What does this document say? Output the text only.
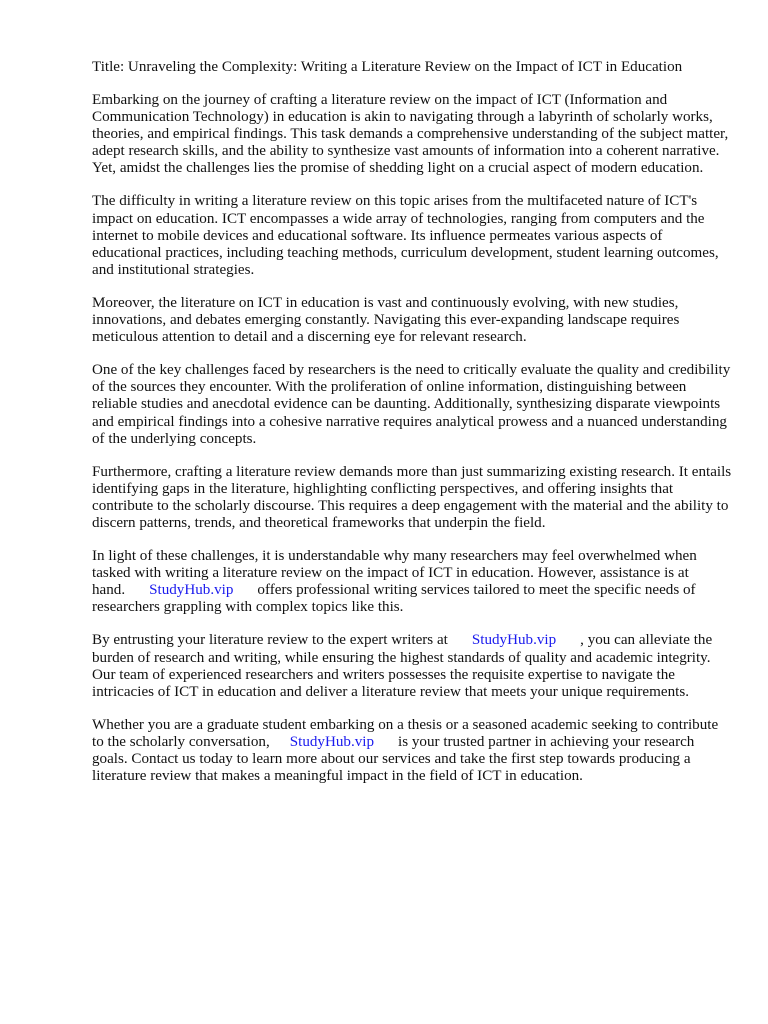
Title: Unraveling the Complexity: Writing a Literature Review on the Impact of ICT in Education

Embarking on the journey of crafting a literature review on the impact of ICT (Information and Communication Technology) in education is akin to navigating through a labyrinth of scholarly works, theories, and empirical findings. This task demands a comprehensive understanding of the subject matter, adept research skills, and the ability to synthesize vast amounts of information into a coherent narrative. Yet, amidst the challenges lies the promise of shedding light on a crucial aspect of modern education.

The difficulty in writing a literature review on this topic arises from the multifaceted nature of ICT's impact on education. ICT encompasses a wide array of technologies, ranging from computers and the internet to mobile devices and educational software. Its influence permeates various aspects of educational practices, including teaching methods, curriculum development, student learning outcomes, and institutional strategies.

Moreover, the literature on ICT in education is vast and continuously evolving, with new studies, innovations, and debates emerging constantly. Navigating this ever-expanding landscape requires meticulous attention to detail and a discerning eye for relevant research.

One of the key challenges faced by researchers is the need to critically evaluate the quality and credibility of the sources they encounter. With the proliferation of online information, distinguishing between reliable studies and anecdotal evidence can be daunting. Additionally, synthesizing disparate viewpoints and empirical findings into a cohesive narrative requires analytical prowess and a nuanced understanding of the underlying concepts.

Furthermore, crafting a literature review demands more than just summarizing existing research. It entails identifying gaps in the literature, highlighting conflicting perspectives, and offering insights that contribute to the scholarly discourse. This requires a deep engagement with the material and the ability to discern patterns, trends, and theoretical frameworks that underpin the field.

In light of these challenges, it is understandable why many researchers may feel overwhelmed when tasked with writing a literature review on the impact of ICT in education. However, assistance is at hand. StudyHub.vip offers professional writing services tailored to meet the specific needs of researchers grappling with complex topics like this.

By entrusting your literature review to the expert writers at StudyHub.vip , you can alleviate the burden of research and writing, while ensuring the highest standards of quality and academic integrity. Our team of experienced researchers and writers possesses the requisite expertise to navigate the intricacies of ICT in education and deliver a literature review that meets your unique requirements.

Whether you are a graduate student embarking on a thesis or a seasoned academic seeking to contribute to the scholarly conversation, StudyHub.vip is your trusted partner in achieving your research goals. Contact us today to learn more about our services and take the first step towards producing a literature review that makes a meaningful impact in the field of ICT in education.
